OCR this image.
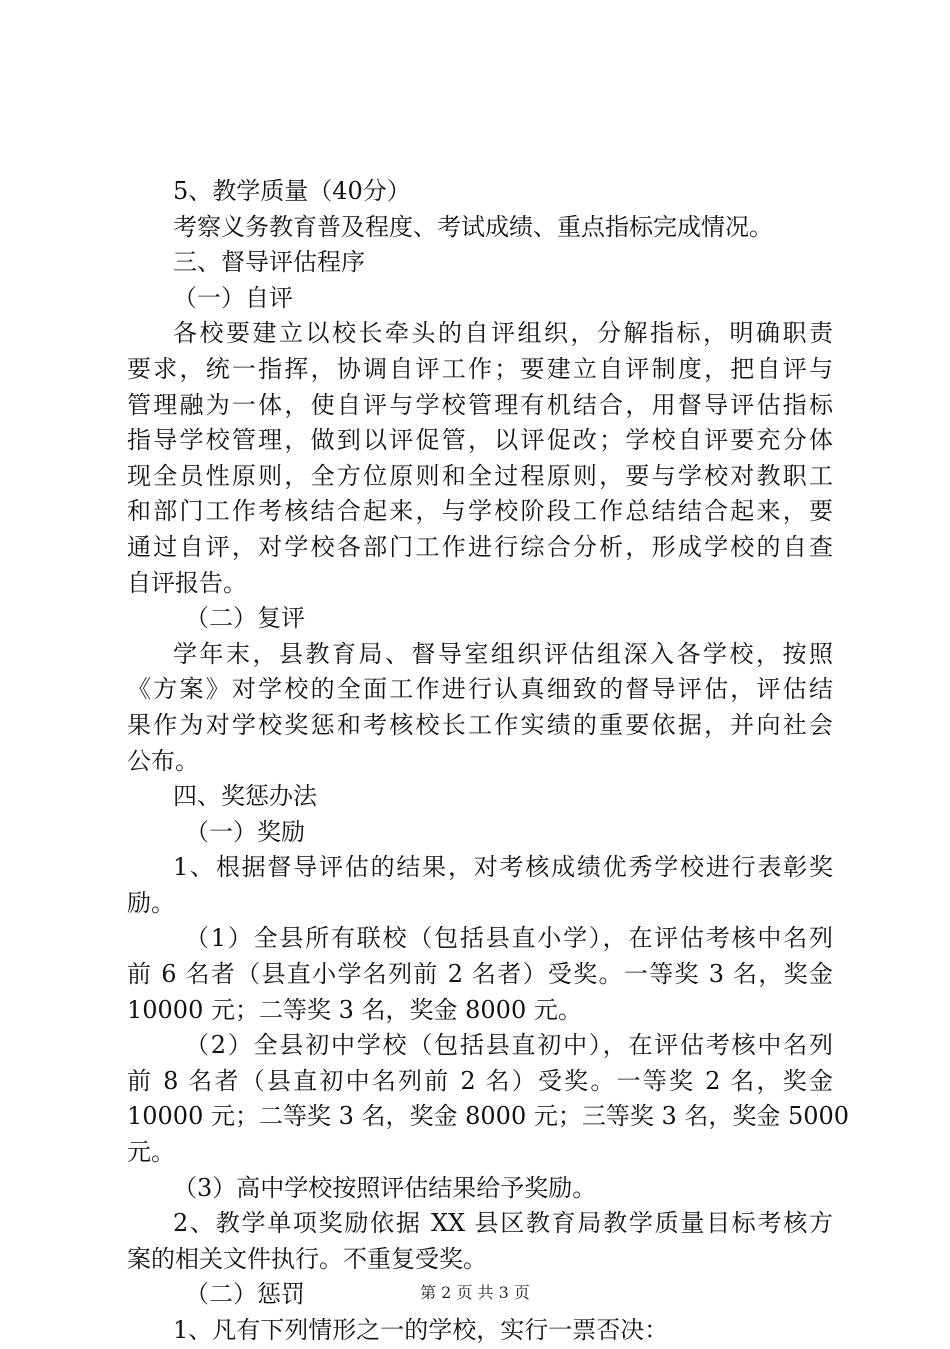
5、教学质量（40分）
考察义务教育普及程度、考试成绩、重点指标完成情况。
三、督导评估程序
（一）自评
各校要建立以校长牵头的自评组织，分解指标，明确职责
要求，统一指挥，协调自评工作；要建立自评制度，把自评与
管理融为一体，使自评与学校管理有机结合，用督导评估指标
指导学校管理，做到以评促管，以评促改；学校自评要充分体
现全员性原则，全方位原则和全过程原则，要与学校对教职工
和部门工作考核结合起来，与学校阶段工作总结结合起来，要
通过自评，对学校各部门工作进行综合分析，形成学校的自查
自评报告。
（二）复评
学年末，县教育局、督导室组织评估组深入各学校，按照
《方案》对学校的全面工作进行认真细致的督导评估，评估结
果作为对学校奖惩和考核校长工作实绩的重要依据，并向社会
公布。
四、奖惩办法
（一）奖励
1、根据督导评估的结果，对考核成绩优秀学校进行表彰奖
励。
（1）全县所有联校（包括县直小学），在评估考核中名列
前 6 名者（县直小学名列前 2 名者）受奖。一等奖 3 名，奖金
10000 元；二等奖 3 名，奖金 8000 元。
（2）全县初中学校（包括县直初中），在评估考核中名列
前 8 名者（县直初中名列前 2 名）受奖。一等奖 2 名，奖金
10000 元；二等奖 3 名，奖金 8000 元；三等奖 3 名，奖金 5000
元。
（3）高中学校按照评估结果给予奖励。
2、教学单项奖励依据 XX 县区教育局教学质量目标考核方
案的相关文件执行。不重复受奖。
（二）惩罚
1、凡有下列情形之一的学校，实行一票否决：
第 2 页 共 3 页
